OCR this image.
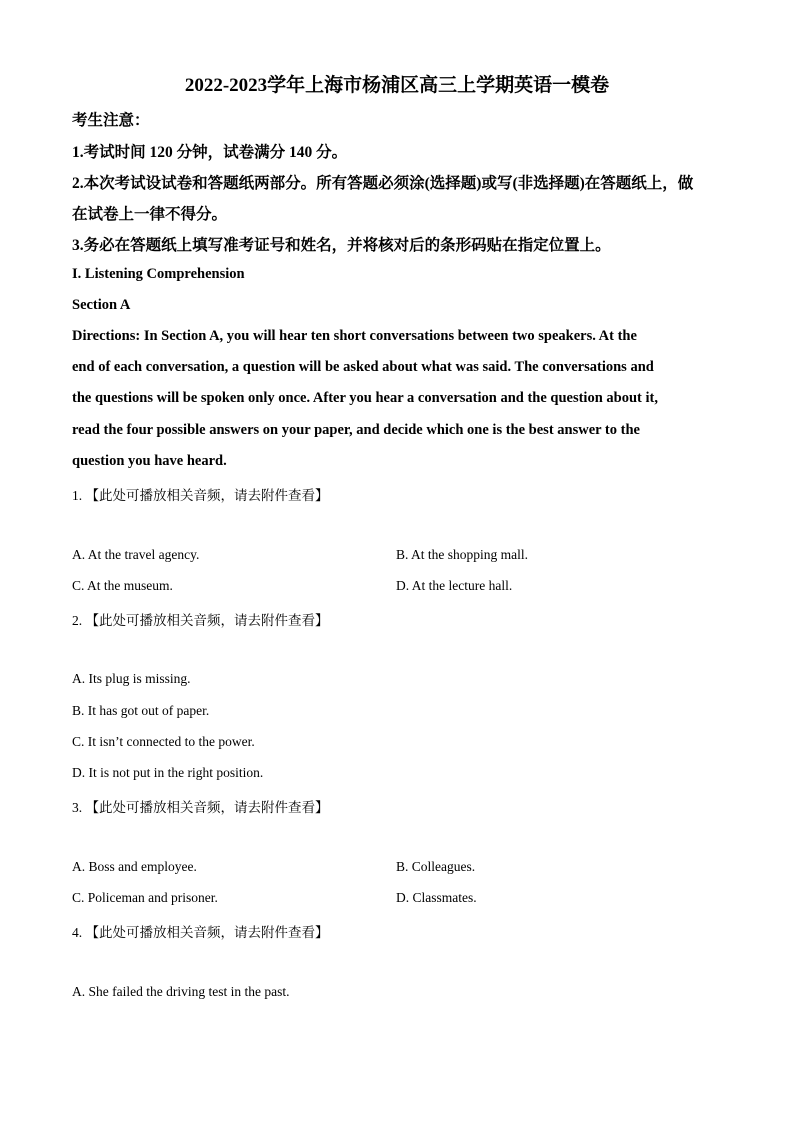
2022-2023学年上海市杨浦区高三上学期英语一模卷
考生注意：
1.考试时间 120 分钟，试卷满分 140 分。
2.本次考试设试卷和答题纸两部分。所有答题必须涂(选择题)或写(非选择题)在答题纸上，做
在试卷上一律不得分。
3.务必在答题纸上填写准考证号和姓名，并将核对后的条形码贴在指定位置上。
I. Listening Comprehension
Section A
Directions: In Section A, you will hear ten short conversations between two speakers. At the
end of each conversation, a question will be asked about what was said. The conversations and
the questions will be spoken only once. After you hear a conversation and the question about it,
read the four possible answers on your paper, and decide which one is the best answer to the
question you have heard.
1. 【此处可播放相关音频，请去附件查看】
A. At the travel agency.	B. At the shopping mall.
C. At the museum.	D. At the lecture hall.
2. 【此处可播放相关音频，请去附件查看】
A. Its plug is missing.
B. It has got out of paper.
C. It isn’t connected to the power.
D. It is not put in the right position.
3. 【此处可播放相关音频，请去附件查看】
A. Boss and employee.	B. Colleagues.
C. Policeman and prisoner.	D. Classmates.
4. 【此处可播放相关音频，请去附件查看】
A. She failed the driving test in the past.
